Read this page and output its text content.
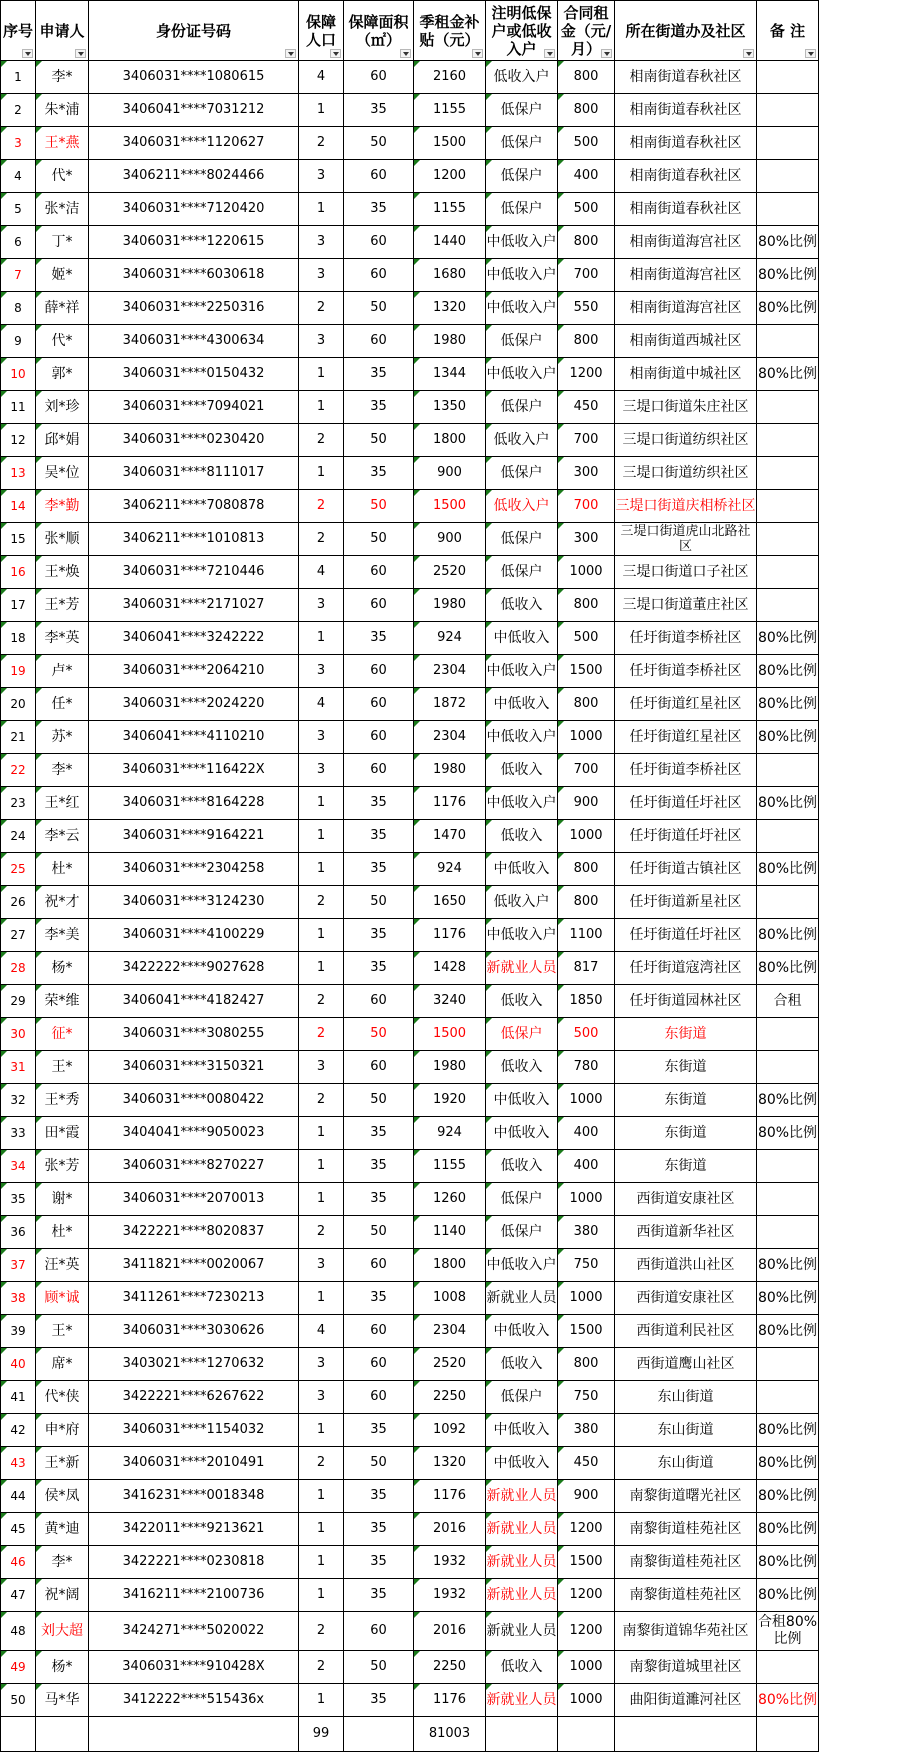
序号	申请人	身份证号码	保障人口	保障面积（㎡）	季租金补贴（元）	注明低保户或低收入户	合同租金（元/月）	所在街道办及社区	备 注

1	李*	3406031****1080615	4	60	2160	低收入户	800	相南街道春秋社区	
2	朱*浦	3406041****7031212	1	35	1155	低保户	800	相南街道春秋社区	
3	王*燕	3406031****1120627	2	50	1500	低保户	500	相南街道春秋社区	
4	代*	3406211****8024466	3	60	1200	低保户	400	相南街道春秋社区	
5	张*洁	3406031****7120420	1	35	1155	低保户	500	相南街道春秋社区	
6	丁*	3406031****1220615	3	60	1440	中低收入户	800	相南街道海宫社区	80%比例
7	姬*	3406031****6030618	3	60	1680	中低收入户	700	相南街道海宫社区	80%比例
8	薛*祥	3406031****2250316	2	50	1320	中低收入户	550	相南街道海宫社区	80%比例
9	代*	3406031****4300634	3	60	1980	低保户	800	相南街道西城社区	
10	郭*	3406031****0150432	1	35	1344	中低收入户	1200	相南街道中城社区	80%比例
11	刘*珍	3406031****7094021	1	35	1350	低保户	450	三堤口街道朱庄社区	
12	邱*娟	3406031****0230420	2	50	1800	低收入户	700	三堤口街道纺织社区	
13	吴*位	3406031****8111017	1	35	900	低保户	300	三堤口街道纺织社区	
14	李*勤	3406211****7080878	2	50	1500	低收入户	700	三堤口街道庆相桥社区	
15	张*顺	3406211****1010813	2	50	900	低保户	300	三堤口街道虎山北路社区	
16	王*焕	3406031****7210446	4	60	2520	低保户	1000	三堤口街道口子社区	
17	王*芳	3406031****2171027	3	60	1980	低收入	800	三堤口街道董庄社区	
18	李*英	3406041****3242222	1	35	924	中低收入	500	任圩街道李桥社区	80%比例
19	卢*	3406031****2064210	3	60	2304	中低收入户	1500	任圩街道李桥社区	80%比例
20	任*	3406031****2024220	4	60	1872	中低收入	800	任圩街道红星社区	80%比例
21	苏*	3406041****4110210	3	60	2304	中低收入户	1000	任圩街道红星社区	80%比例
22	李*	3406031****116422X	3	60	1980	低收入	700	任圩街道李桥社区	
23	王*红	3406031****8164228	1	35	1176	中低收入户	900	任圩街道任圩社区	80%比例
24	李*云	3406031****9164221	1	35	1470	低收入	1000	任圩街道任圩社区	
25	杜*	3406031****2304258	1	35	924	中低收入	800	任圩街道古镇社区	80%比例
26	祝*才	3406031****3124230	2	50	1650	低收入户	800	任圩街道新星社区	
27	李*美	3406031****4100229	1	35	1176	中低收入户	1100	任圩街道任圩社区	80%比例
28	杨*	3422222****9027628	1	35	1428	新就业人员	817	任圩街道寇湾社区	80%比例
29	荣*维	3406041****4182427	2	60	3240	低收入	1850	任圩街道园林社区	合租
30	征*	3406031****3080255	2	50	1500	低保户	500	东街道	
31	王*	3406031****3150321	3	60	1980	低收入	780	东街道	
32	王*秀	3406031****0080422	2	50	1920	中低收入	1000	东街道	80%比例
33	田*霞	3404041****9050023	1	35	924	中低收入	400	东街道	80%比例
34	张*芳	3406031****8270227	1	35	1155	低收入	400	东街道	
35	谢*	3406031****2070013	1	35	1260	低保户	1000	西街道安康社区	
36	杜*	3422221****8020837	2	50	1140	低保户	380	西街道新华社区	
37	汪*英	3411821****0020067	3	60	1800	中低收入户	750	西街道洪山社区	80%比例
38	顾*诚	3411261****7230213	1	35	1008	新就业人员	1000	西街道安康社区	80%比例
39	王*	3406031****3030626	4	60	2304	中低收入	1500	西街道利民社区	80%比例
40	席*	3403021****1270632	3	60	2520	低收入	800	西街道鹰山社区	
41	代*侠	3422221****6267622	3	60	2250	低保户	750	东山街道	
42	申*府	3406031****1154032	1	35	1092	中低收入	380	东山街道	80%比例
43	王*新	3406031****2010491	2	50	1320	中低收入	450	东山街道	80%比例
44	侯*凤	3416231****0018348	1	35	1176	新就业人员	900	南黎街道曙光社区	80%比例
45	黄*迪	3422011****9213621	1	35	2016	新就业人员	1200	南黎街道桂苑社区	80%比例
46	李*	3422221****0230818	1	35	1932	新就业人员	1500	南黎街道桂苑社区	80%比例
47	祝*阔	3416211****2100736	1	35	1932	新就业人员	1200	南黎街道桂苑社区	80%比例
48	刘大超	3424271****5020022	2	60	2016	新就业人员	1200	南黎街道锦华苑社区	合租80%比例
49	杨*	3406031****910428X	2	50	2250	低收入	1000	南黎街道城里社区	
50	马*华	3412222****515436x	1	35	1176	新就业人员	1000	曲阳街道濉河社区	80%比例
			99		81003				
